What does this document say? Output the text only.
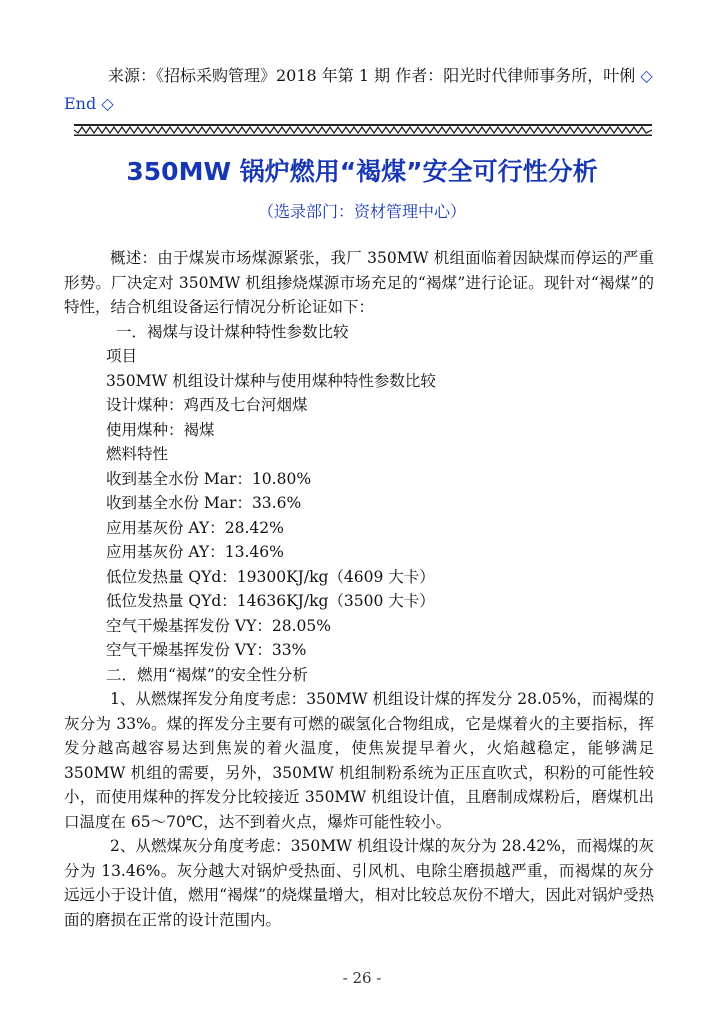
来源：《招标采购管理》2018 年第 1 期 作者：阳光时代律师事务所，叶俐 ◇ End ◇
350MW 锅炉燃用“褐煤”安全可行性分析
（选录部门：资材管理中心）

概述：由于煤炭市场煤源紧张，我厂 350MW 机组面临着因缺煤而停运的严重形势。厂决定对 350MW 机组掺烧煤源市场充足的“褐煤”进行论证。现针对“褐煤”的特性，结合机组设备运行情况分析论证如下：

一．褐煤与设计煤种特性参数比较

项目

350MW 机组设计煤种与使用煤种特性参数比较

设计煤种：鸡西及七台河烟煤

使用煤种：褐煤

燃料特性

收到基全水份 Mar：10.80%

收到基全水份 Mar：33.6%

应用基灰份 AY：28.42%

应用基灰份 AY：13.46%

低位发热量 QYd：19300KJ/kg（4609 大卡）

低位发热量 QYd：14636KJ/kg（3500 大卡）

空气干燥基挥发份 VY：28.05%

空气干燥基挥发份 VY：33%

二．燃用“褐煤”的安全性分析

1、从燃煤挥发分角度考虑：350MW 机组设计煤的挥发分 28.05%，而褐煤的灰分为 33%。煤的挥发分主要有可燃的碳氢化合物组成，它是煤着火的主要指标，挥发分越高越容易达到焦炭的着火温度，使焦炭提早着火，火焰越稳定，能够满足 350MW 机组的需要，另外，350MW 机组制粉系统为正压直吹式，积粉的可能性较小，而使用煤种的挥发分比较接近 350MW 机组设计值，且磨制成煤粉后，磨煤机出口温度在 65～70℃，达不到着火点，爆炸可能性较小。

2、从燃煤灰分角度考虑：350MW 机组设计煤的灰分为 28.42%，而褐煤的灰分为 13.46%。灰分越大对锅炉受热面、引风机、电除尘磨损越严重，而褐煤的灰分远远小于设计值，燃用“褐煤”的烧煤量增大，相对比较总灰份不增大，因此对锅炉受热面的磨损在正常的设计范围内。

- 26 -
